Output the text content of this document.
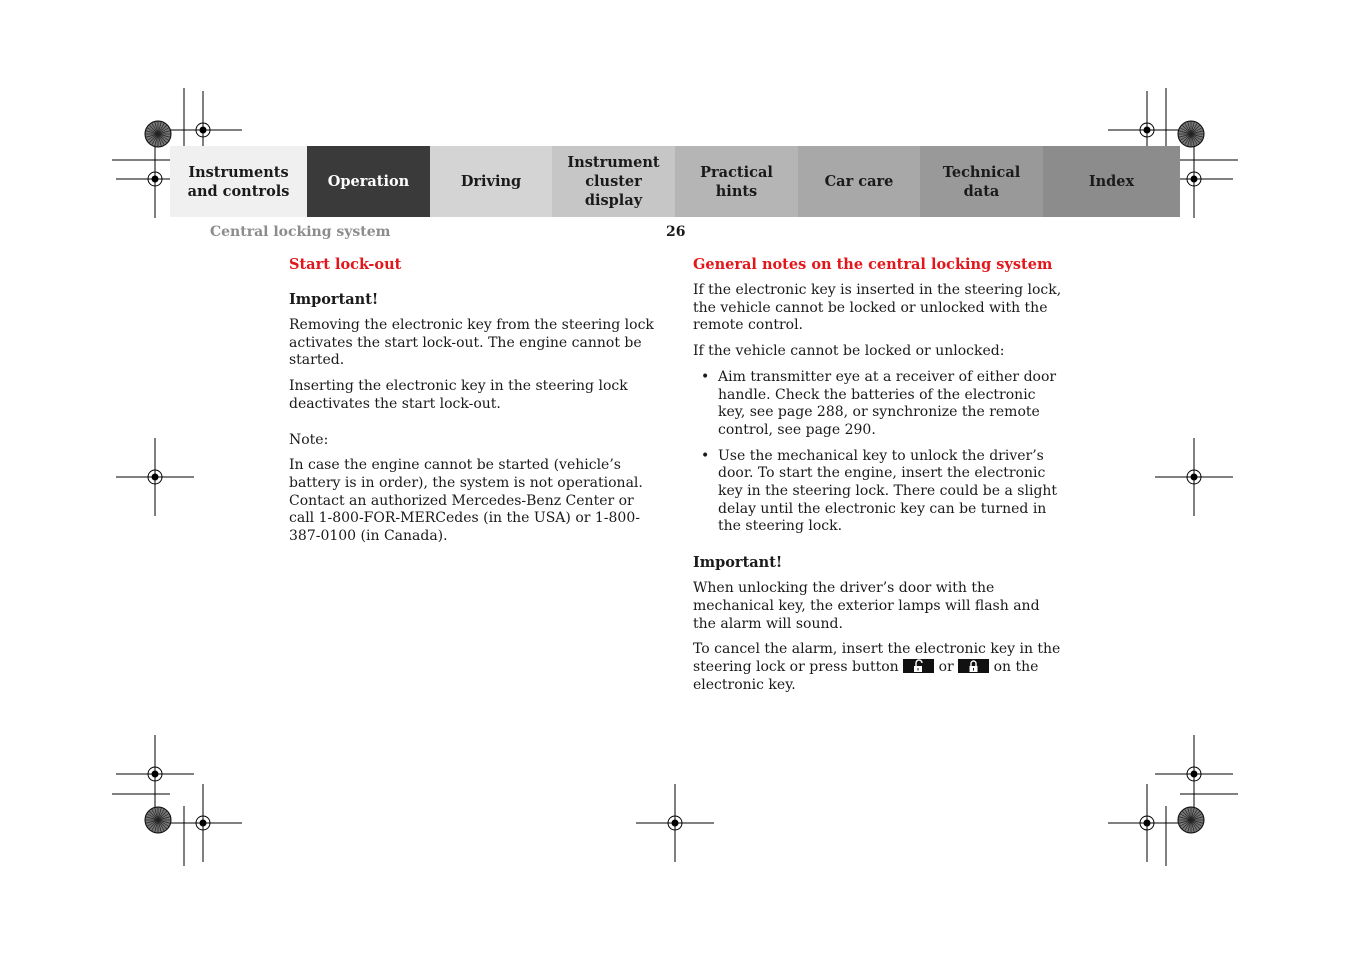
Instruments
and controls
Operation	Driving
Instrument
cluster display
Practical hints
Car care
Technical
data
Index
Central locking system	26
Start lock-out
Important!

Removing the electronic key from the steering lock activates the start lock-out. The engine cannot be started.

Inserting the electronic key in the steering lock deactivates the start lock-out.

Note:

In case the engine cannot be started (vehicle’s battery is in order), the system is not operational. Contact an authorized Mercedes-Benz Center or call 1-800-FOR-MERCedes (in the USA) or 1-800-387-0100 (in Canada).

General notes on the central locking system

If the electronic key is inserted in the steering lock, the vehicle cannot be locked or unlocked with the remote control.

If the vehicle cannot be locked or unlocked:

• Aim transmitter eye at a receiver of either door handle. Check the batteries of the electronic key, see page 288, or synchronize the remote control, see page 290.
• Use the mechanical key to unlock the driver’s door. To start the engine, insert the electronic key in the steering lock. There could be a slight delay until the electronic key can be turned in the steering lock.
Important!

When unlocking the driver’s door with the mechanical key, the exterior lamps will flash and the alarm will sound.

To cancel the alarm, insert the electronic key in the steering lock or press button	or	on the electronic key.
